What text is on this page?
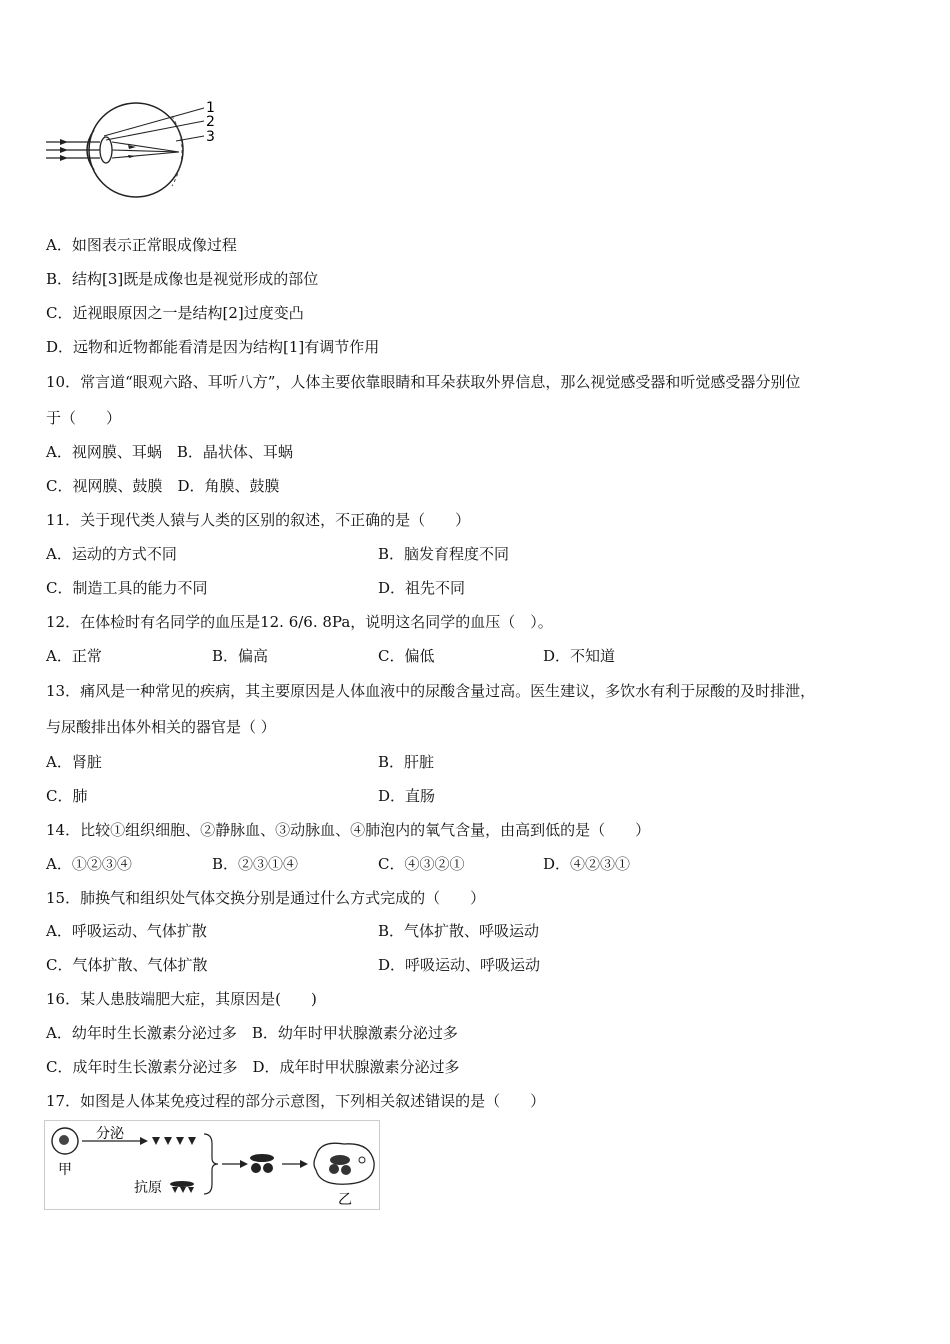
1
2
3
A．如图表示正常眼成像过程
B．结构[3]既是成像也是视觉形成的部位
C．近视眼原因之一是结构[2]过度变凸
D．远物和近物都能看清是因为结构[1]有调节作用
10．常言道“眼观六路、耳听八方”，人体主要依靠眼睛和耳朵获取外界信息，那么视觉感受器和听觉感受器分别位
于（　　）
A．视网膜、耳蜗　B．晶状体、耳蜗
C．视网膜、鼓膜　D．角膜、鼓膜
11．关于现代类人猿与人类的区别的叙述，不正确的是（　　）
A．运动的方式不同	B．脑发育程度不同
C．制造工具的能力不同	D．祖先不同
12．在体检时有名同学的血压是12. 6/6. 8Pa，说明这名同学的血压（　）。
A．正常	B．偏高	C．偏低	D．不知道
13．痛风是一种常见的疾病，其主要原因是人体血液中的尿酸含量过高。医生建议，多饮水有利于尿酸的及时排泄，
与尿酸排出体外相关的器官是（ ）
A．肾脏	B．肝脏
C．肺	D．直肠
14．比较①组织细胞、②静脉血、③动脉血、④肺泡内的氧气含量，由高到低的是（　　）
A．①②③④	B．②③①④	C．④③②①	D．④②③①
15．肺换气和组织处气体交换分别是通过什么方式完成的（　　）
A．呼吸运动、气体扩散	B．气体扩散、呼吸运动
C．气体扩散、气体扩散	D．呼吸运动、呼吸运动
16．某人患肢端肥大症，其原因是(　　)
A．幼年时生长激素分泌过多　B．幼年时甲状腺激素分泌过多
C．成年时生长激素分泌过多　D．成年时甲状腺激素分泌过多
17．如图是人体某免疫过程的部分示意图，下列相关叙述错误的是（　　）
甲
分泌
抗原
乙
